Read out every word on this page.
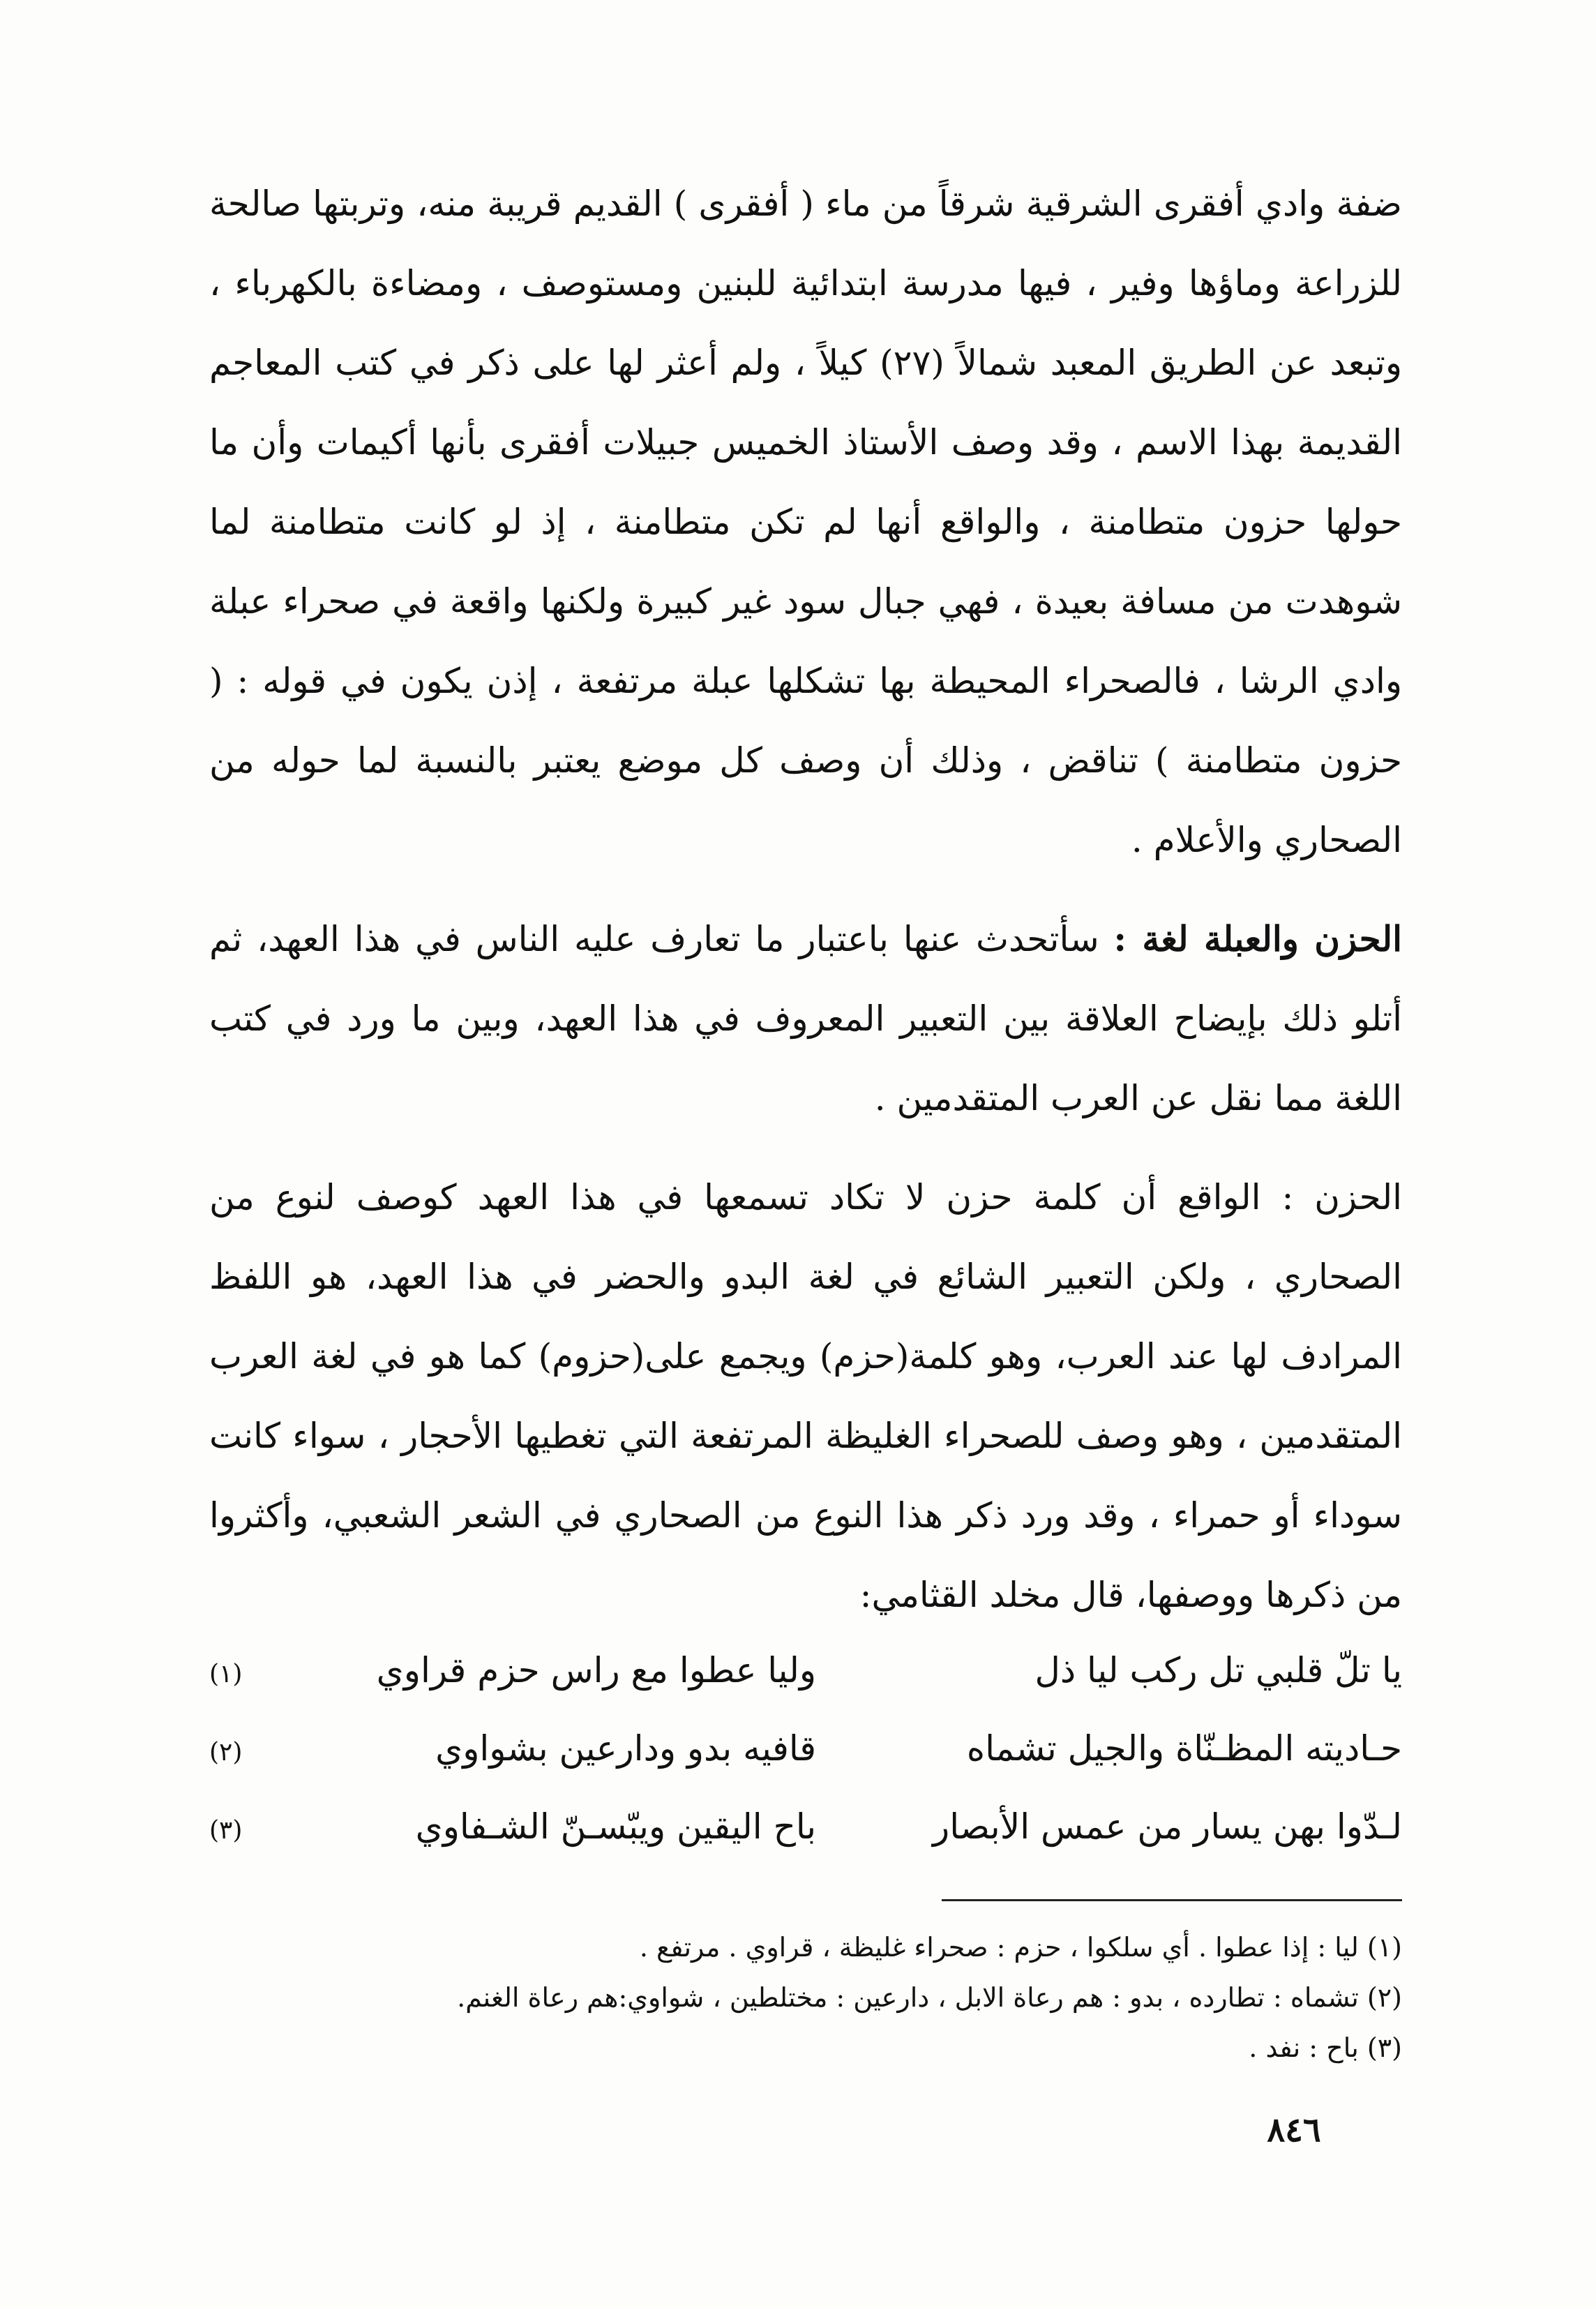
ضفة وادي أفقرى الشرقية شرقاً من ماء ( أفقرى ) القديم قريبة منه، وتربتها صالحة للزراعة وماؤها وفير ، فيها مدرسة ابتدائية للبنين ومستوصف ، ومضاءة بالكهرباء ، وتبعد عن الطريق المعبد شمالاً (٢٧) كيلاً ، ولم أعثر لها على ذكر في كتب المعاجم القديمة بهذا الاسم ، وقد وصف الأستاذ الخميس جبيلات أفقرى بأنها أكيمات وأن ما حولها حزون متطامنة ، والواقع أنها لم تكن متطامنة ، إذ لو كانت متطامنة لما شوهدت من مسافة بعيدة ، فهي جبال سود غير كبيرة ولكنها واقعة في صحراء عبلة وادي الرشا ، فالصحراء المحيطة بها تشكلها عبلة مرتفعة ، إذن يكون في قوله : ( حزون متطامنة ) تناقض ، وذلك أن وصف كل موضع يعتبر بالنسبة لما حوله من الصحاري والأعلام .

الحزن والعبلة لغة : سأتحدث عنها باعتبار ما تعارف عليه الناس في هذا العهد، ثم أتلو ذلك بإيضاح العلاقة بين التعبير المعروف في هذا العهد، وبين ما ورد في كتب اللغة مما نقل عن العرب المتقدمين .

الحزن : الواقع أن كلمة حزن لا تكاد تسمعها في هذا العهد كوصف لنوع من الصحاري ، ولكن التعبير الشائع في لغة البدو والحضر في هذا العهد، هو اللفظ المرادف لها عند العرب، وهو كلمة(حزم) ويجمع على(حزوم) كما هو في لغة العرب المتقدمين ، وهو وصف للصحراء الغليظة المرتفعة التي تغطيها الأحجار ، سواء كانت سوداء أو حمراء ، وقد ورد ذكر هذا النوع من الصحاري في الشعر الشعبي، وأكثروا من ذكرها ووصفها، قال مخلد القثامي:

يا تلّ قلبي تل ركب ليا ذل
وليا عطوا مع راس حزم قراوي
(١)
حـاديته المظـنّاة والجيل تشماه
قافيه بدو ودارعين بشواوي
(٢)
لـدّوا بهن يسار من عمس الأبصار
باح اليقين ويبّسـنّ الشـفاوي
(٣)

(١) ليا : إذا عطوا . أي سلكوا ، حزم : صحراء غليظة ، قراوي . مرتفع .

(٢) تشماه : تطارده ، بدو : هم رعاة الابل ، دارعين : مختلطين ، شواوي:هم رعاة الغنم.

(٣) باح : نفد .

٨٤٦
